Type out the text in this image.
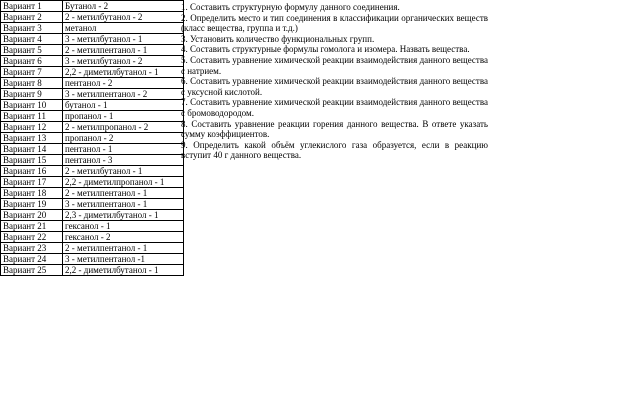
Вариант 1	Бутанол - 2
Вариант 2	2 - метилбутанол - 2
Вариант 3	метанол
Вариант 4	3 - метилбутанол - 1
Вариант 5	2 - метилпентанол - 1
Вариант 6	3 - метилбутанол - 2
Вариант 7	2,2 - диметилбутанол - 1
Вариант 8	пентанол - 2
Вариант 9	3 - метилпентанол - 2
Вариант 10	бутанол - 1
Вариант 11	пропанол - 1
Вариант 12	2 - метилпропанол - 2
Вариант 13	пропанол - 2
Вариант 14	пентанол - 1
Вариант 15	пентанол - 3
Вариант 16	2 - метилбутанол - 1
Вариант 17	2,2 - диметилпропанол - 1
Вариант 18	2 - метилпентанол - 1
Вариант 19	3 - метилпентанол - 1
Вариант 20	2,3 - диметилбутанол - 1
Вариант 21	гексанол - 1
Вариант 22	гексанол - 2
Вариант 23	2 - метилпентанол - 1
Вариант 24	3 - метилпентанол -1
Вариант 25	2,2 - диметилбутанол - 1

1. Составить структурную формулу данного соединения.

2. Определить место и тип соединения в классификации органических веществ (класс вещества, группа и т.д.)

3. Установить количество функциональных групп.

4. Составить структурные формулы гомолога и изомера. Назвать вещества.

5. Составить уравнение химической реакции взаимодействия данного вещества с натрием.

6. Составить уравнение химической реакции взаимодействия данного вещества с уксусной кислотой.

7. Составить уравнение химической реакции взаимодействия данного вещества с бромоводородом.

8. Составить уравнение реакции горения данного вещества. В ответе указать сумму коэффициентов.

9. Определить какой объём углекислого газа образуется, если в реакцию вступит 40 г данного вещества.
